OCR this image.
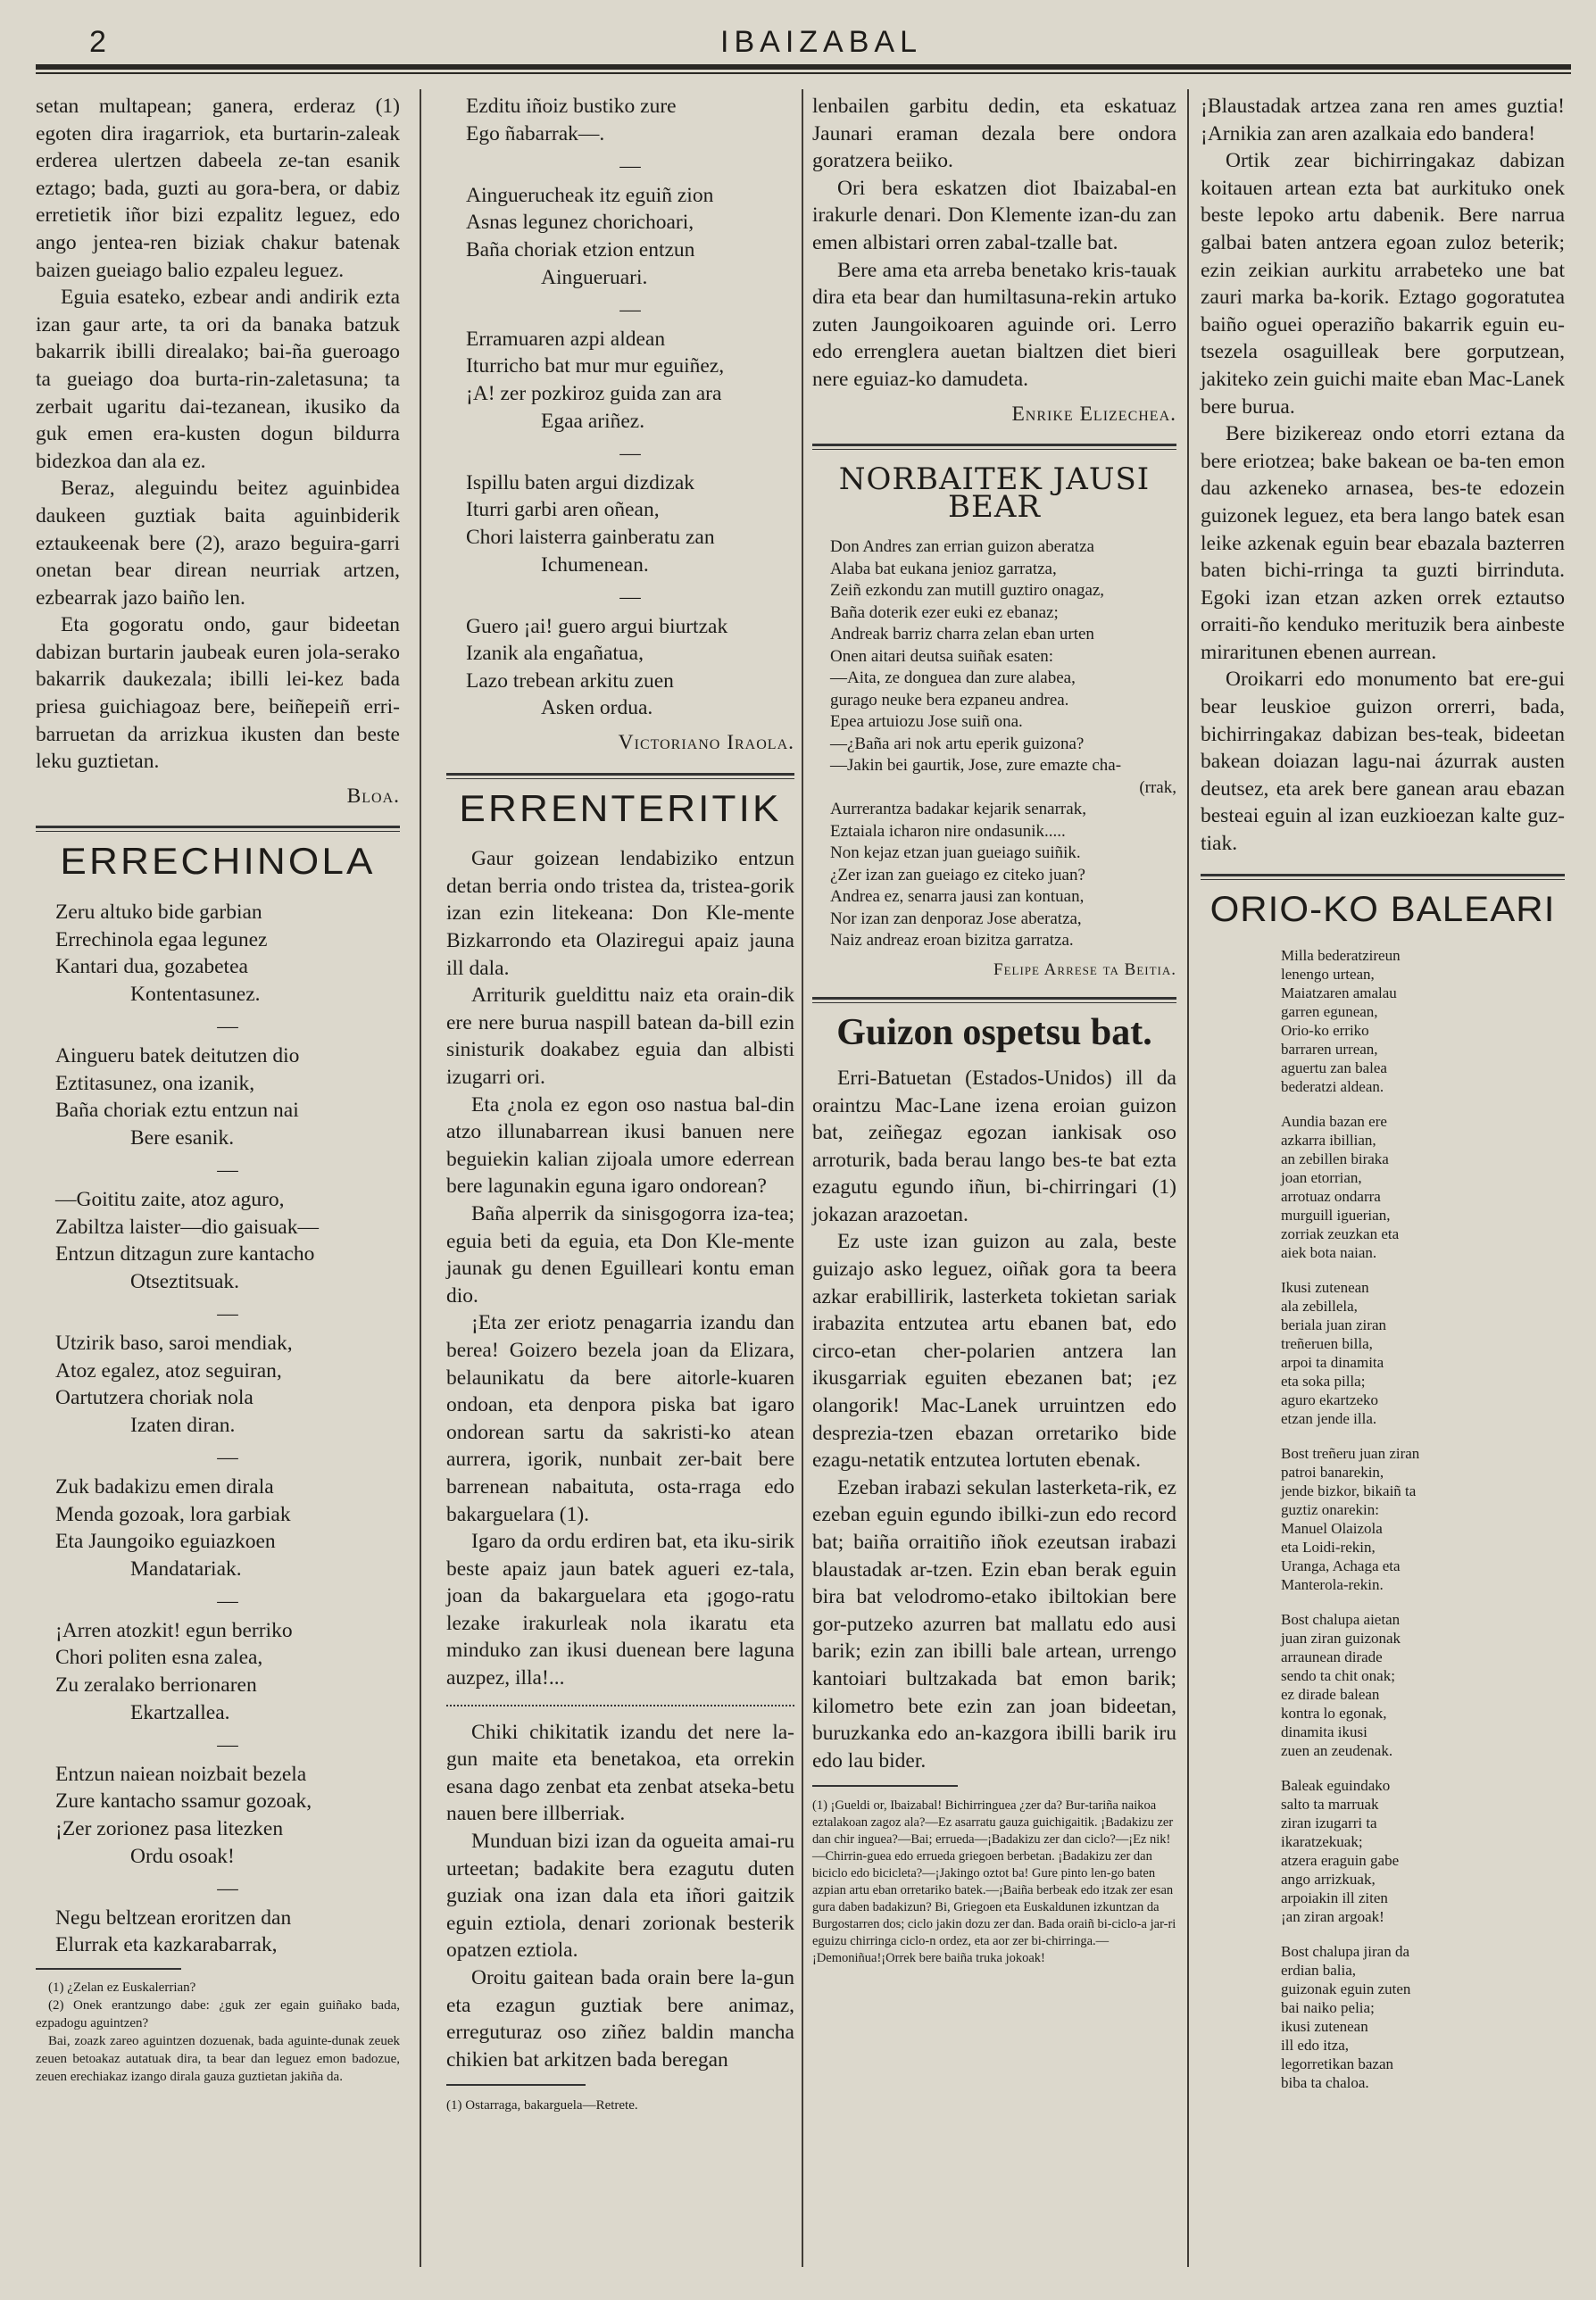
2	IBAIZABAL

setan multapean; ganera, erderaz (1) egoten dira iragarriok, eta burtarin-zaleak erderea ulertzen dabeela ze-tan esanik eztago; bada, guzti au gora-bera, or dabiz erretietik iñor bizi ezpalitz leguez, edo ango jentea-ren biziak chakur batenak baizen gueiago balio ezpaleu leguez.

Eguia esateko, ezbear andi andirik ezta izan gaur arte, ta ori da banaka batzuk bakarrik ibilli direalako; bai-ña gueroago ta gueiago doa burta-rin-zaletasuna; ta zerbait ugaritu dai-tezanean, ikusiko da guk emen era-kusten dogun bildurra bidezkoa dan ala ez.

Beraz, aleguindu beitez aguinbidea daukeen guztiak baita aguinbiderik eztaukeenak bere (2), arazo beguira-garri onetan bear direan neurriak artzen, ezbearrak jazo baiño len.

Eta gogoratu ondo, gaur bideetan dabizan burtarin jaubeak euren jola-serako bakarrik daukezala; ibilli lei-kez bada priesa guichiagoaz bere, beiñepeiñ erri-barruetan da arrizkua ikusten dan beste leku guztietan.

Bloa.

ERRECHINOLA
Zeru altuko bide garbian
Errechinola egaa legunez
Kantari dua, gozabetea
Kontentasunez.
—
Aingueru batek deitutzen dio
Eztitasunez, ona izanik,
Baña choriak eztu entzun nai
Bere esanik.
—
—Goititu zaite, atoz aguro,
Zabiltza laister—dio gaisuak—
Entzun ditzagun zure kantacho
Otseztitsuak.
—
Utzirik baso, saroi mendiak,
Atoz egalez, atoz seguiran,
Oartutzera choriak nola
Izaten diran.
—
Zuk badakizu emen dirala
Menda gozoak, lora garbiak
Eta Jaungoiko eguiazkoen
Mandatariak.
—
¡Arren atozkit! egun berriko
Chori politen esna zalea,
Zu zeralako berrionaren
Ekartzallea.
—
Entzun naiean noizbait bezela
Zure kantacho ssamur gozoak,
¡Zer zorionez pasa litezken
Ordu osoak!
—
Negu beltzean eroritzen dan
Elurrak eta kazkarabarrak,

(1) ¿Zelan ez Euskalerrian?

(2) Onek erantzungo dabe: ¿guk zer egain guiñako bada, ezpadogu aguintzen?

Bai, zoazk zareo aguintzen dozuenak, bada aguinte-dunak zeuek zeuen betoakaz autatuak dira, ta bear dan leguez emon badozue, zeuen erechiakaz izango dirala gauza guztietan jakiña da.

Ezditu iñoiz bustiko zure
Ego ñabarrak—.
—
Ainguerucheak itz eguiñ zion
Asnas legunez chorichoari,
Baña choriak etzion entzun
Aingueruari.
—
Erramuaren azpi aldean
Iturricho bat mur mur eguiñez,
¡A! zer pozkiroz guida zan ara
Egaa ariñez.
—
Ispillu baten argui dizdizak
Iturri garbi aren oñean,
Chori laisterra gainberatu zan
Ichumenean.
—
Guero ¡ai! guero argui biurtzak
Izanik ala engañatua,
Lazo trebean arkitu zuen
Asken ordua.

Victoriano Iraola.

ERRENTERITIK

Gaur goizean lendabiziko entzun detan berria ondo tristea da, tristea-gorik izan ezin litekeana: Don Kle-mente Bizkarrondo eta Olaziregui apaiz jauna ill dala.

Arriturik gueldittu naiz eta orain-dik ere nere burua naspill batean da-bill ezin sinisturik doakabez eguia dan albisti izugarri ori.

Eta ¿nola ez egon oso nastua bal-din atzo illunabarrean ikusi banuen nere beguiekin kalian zijoala umore ederrean bere lagunakin eguna igaro ondorean?

Baña alperrik da sinisgogorra iza-tea; eguia beti da eguia, eta Don Kle-mente jaunak gu denen Eguilleari kontu eman dio.

¡Eta zer eriotz penagarria izandu dan berea! Goizero bezela joan da Elizara, belaunikatu da bere aitorle-kuaren ondoan, eta denpora piska bat igaro ondorean sartu da sakristi-ko atean aurrera, igorik, nunbait zer-bait bere barrenean nabaituta, osta-rraga edo bakarguelara (1).

Igaro da ordu erdiren bat, eta iku-sirik beste apaiz jaun batek agueri ez-tala, joan da bakarguelara eta ¡gogo-ratu lezake irakurleak nola ikaratu eta minduko zan ikusi duenean bere laguna auzpez, illa!...

Chiki chikitatik izandu det nere la-gun maite eta benetakoa, eta orrekin esana dago zenbat eta zenbat atseka-betu nauen bere illberriak.

Munduan bizi izan da ogueita amai-ru urteetan; badakite bera ezagutu duten guziak ona izan dala eta iñori gaitzik eguin eztiola, denari zorionak besterik opatzen eztiola.

Oroitu gaitean bada orain bere la-gun eta ezagun guztiak bere animaz, erreguturaz oso ziñez baldin mancha chikien bat arkitzen bada beregan

(1) Ostarraga, bakarguela—Retrete.

lenbailen garbitu dedin, eta eskatuaz Jaunari eraman dezala bere ondora goratzera beiiko.

Ori bera eskatzen diot Ibaizabal-en irakurle denari. Don Klemente izan-du zan emen albistari orren zabal-tzalle bat.

Bere ama eta arreba benetako kris-tauak dira eta bear dan humiltasuna-rekin artuko zuten Jaungoikoaren aguinde ori. Lerro edo errenglera auetan bialtzen diet bieri nere eguiaz-ko damudeta.

Enrike Elizechea.

NORBAITEK JAUSI BEAR
Don Andres zan errian guizon aberatza
Alaba bat eukana jenioz garratza,
Zeiñ ezkondu zan mutill guztiro onagaz,
Baña doterik ezer euki ez ebanaz;
Andreak barriz charra zelan eban urten
Onen aitari deutsa suiñak esaten:
—Aita, ze dongueа dan zure alabea,
gurago neuke bera ezpaneu andrea.
Epea artuiozu Jose suiñ ona.
—¿Baña ari nok artu eperik guizona?
—Jakin bei gaurtik, Jose, zure emazte cha-
(rrak,
Aurrerantza badakar kejarik senarrak,
Eztaiala icharon nire ondasunik.....
Non kejaz etzan juan gueiago suiñik.
¿Zer izan zan gueiago ez citeko juan?
Andrea ez, senarra jausi zan kontuan,
Nor izan zan denporaz Jose aberatza,
Naiz andreaz eroan bizitza garratza.

Felipe Arrese ta Beitia.

Guizon ospetsu bat.

Erri-Batuetan (Estados-Unidos) ill da oraintzu Mac-Lane izena eroian guizon bat, zeiñegaz egozan iankisak oso arroturik, bada berau lango bes-te bat ezta ezagutu egundo iñun, bi-chirringari (1) jokazan arazoetan.

Ez uste izan guizon au zala, beste guizajo asko leguez, oiñak gora ta beera azkar erabillirik, lasterketa tokietan sariak irabazita entzutea artu ebanen bat, edo circo-etan cher-polarien antzera lan ikusgarriak eguiten ebezanen bat; ¡ez olangorik! Mac-Lanek urruintzen edo desprezia-tzen ebazan orretariko bide ezagu-netatik entzutea lortuten ebenak.

Ezeban irabazi sekulan lasterketa-rik, ez ezeban eguin egundo ibilki-zun edo record bat; baiña orraitiño iñok ezeutsan irabazi blaustadak ar-tzen. Ezin eban berak eguin bira bat velodromo-etako ibiltokian bere gor-putzeko azurren bat mallatu edo ausi barik; ezin zan ibilli bale artean, urrengo kantoiari bultzakada bat emon barik; kilometro bete ezin zan joan bideetan, buruzkanka edo an-kazgora ibilli barik iru edo lau bider.

(1) ¡Gueldi or, Ibaizabal! Bichirringuea ¿zer da? Bur-tariña naikoa eztalakoan zagoz ala?—Ez asarratu gauza guichigaitik. ¡Badakizu zer dan chir inguea?—Bai; erruedа—¡Badakizu zer dan ciclo?—¡Ez nik!—Chirrin-guea edo erruedа griegoen berbetan. ¡Badakizu zer dan biciclo edo bicicleta?—¡Jakingo oztot ba! Gure pinto len-go baten azpian artu eban orretariko batek.—¡Baiña berbeak edo itzak zer esan gura daben badakizun? Bi, Griegoen eta Euskaldunen izkuntzan da Burgostarren dos; ciclo jakin dozu zer dan. Bada oraiñ bi-ciclo-a jar-ri eguizu chirringa ciclo-n ordez, eta aor zer bi-chirringa.—¡Demoniñua!¡Orrek bere baiña truka jokoak!

¡Blaustadak artzea zana ren ames guztia! ¡Arnikia zan aren azalkaia edo bandera!

Ortik zear bichirringakaz dabizan koitauen artean ezta bat aurkituko onek beste lepoko artu dabenik. Bere narrua galbai baten antzera egoan zuloz beterik; ezin zeikian aurkitu arrabeteko une bat zauri marka ba-korik. Eztago gogoratutea baiño oguei operaziño bakarrik eguin eu-tsezela osaguilleak bere gorputzean, jakiteko zein guichi maite eban Mac-Lanek bere burua.

Bere bizikereaz ondo etorri eztana da bere eriotzea; bake bakean oe ba-ten emon dau azkeneko arnasea, bes-te edozein guizonek leguez, eta bera lango batek esan leike azkenak eguin bear ebazala bazterren baten bichi-rringa ta guzti birrinduta. Egoki izan etzan azken orrek eztautso orraiti-ño kenduko merituzik bera ainbeste miraritunen ebenen aurrean.

Oroikarri edo monumento bat ere-gui bear leuskioe guizon orrerri, bada, bichirringakaz dabizan bes-teak, bideetan bakean doiazan lagu-nai ázurrak austen deutsez, eta arek bere ganean arau ebazan besteai eguin al izan euzkioezan kalte guz-tiak.

ORIO-KO BALEARI
Milla bederatzireun
lenengo urtean,
Maiatzaren amalau
garren egunean,
Orio-ko erriko
barraren urrean,
aguertu zan balea
bederatzi aldean.
Aundia bazan ere
azkarra ibillian,
an zebillen biraka
joan etorrian,
arrotuaz ondarra
murguill iguerian,
zorriak zeuzkan eta
aiek bota naian.
Ikusi zutenean
ala zebillela,
beriala juan ziran
treñeruen billa,
arpoi ta dinamita
eta soka pilla;
aguro ekartzeko
etzan jende illa.
Bost treñeru juan ziran
patroi banarekin,
jende bizkor, bikaiñ ta
guztiz onarekin:
Manuel Olaizola
eta Loidi-rekin,
Uranga, Achaga eta
Manterola-rekin.
Bost chalupa aietan
juan ziran guizonak
arraunean dirade
sendo ta chit onak;
ez dirade balean
kontra lo egonak,
dinamita ikusi
zuen an zeudenak.
Baleak eguindako
salto ta marruak
ziran izugarri ta
ikaratzekuak;
atzera eraguin gabe
ango arrizkuak,
arpoiakin ill ziten
¡an ziran argoak!
Bost chalupa jiran da
erdian balia,
guizonak eguin zuten
bai naiko pelia;
ikusi zutenean
ill edo itza,
legorretikan bazan
biba ta chaloa.
